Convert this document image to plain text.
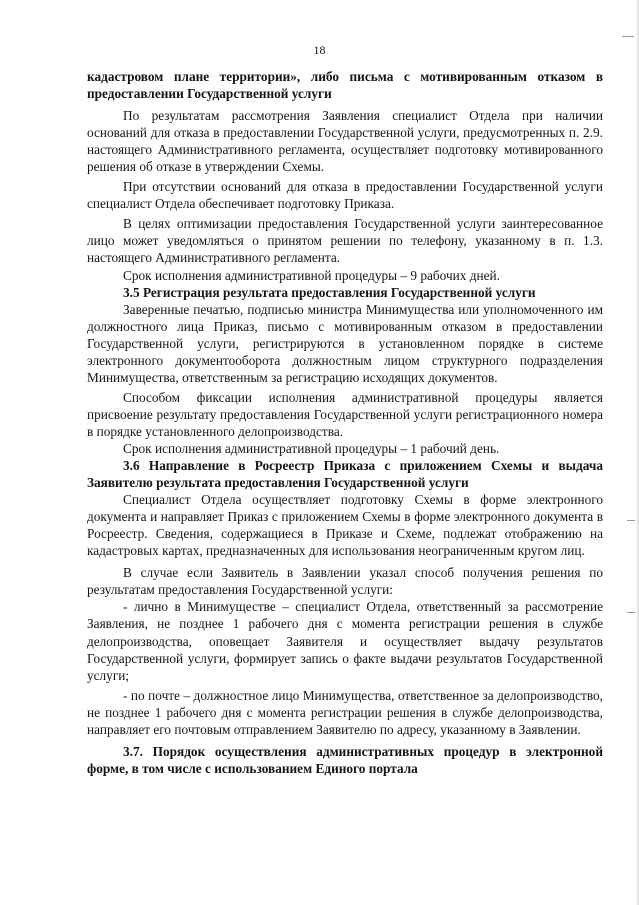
18

кадастровом плане территории», либо письма с мотивированным отказом в предоставлении Государственной услуги

По результатам рассмотрения Заявления специалист Отдела при наличии оснований для отказа в предоставлении Государственной услуги, предусмотренных п. 2.9. настоящего Административного регламента, осуществляет подготовку мотивированного решения об отказе в утверждении Схемы.

При отсутствии оснований для отказа в предоставлении Государственной услуги специалист Отдела обеспечивает подготовку Приказа.

В целях оптимизации предоставления Государственной услуги заинтересованное лицо может уведомляться о принятом решении по телефону, указанному в п. 1.3. настоящего Административного регламента.

Срок исполнения административной процедуры – 9 рабочих дней.

3.5 Регистрация результата предоставления Государственной услуги

Заверенные печатью, подписью министра Минимущества или уполномоченного им должностного лица Приказ, письмо с мотивированным отказом в предоставлении Государственной услуги, регистрируются в установленном порядке в системе электронного документооборота должностным лицом структурного подразделения Минимущества, ответственным за регистрацию исходящих документов.

Способом фиксации исполнения административной процедуры является присвоение результату предоставления Государственной услуги регистрационного номера в порядке установленного делопроизводства.

Срок исполнения административной процедуры – 1 рабочий день.

3.6 Направление в Росреестр Приказа с приложением Схемы и выдача Заявителю результата предоставления Государственной услуги

Специалист Отдела осуществляет подготовку Схемы в форме электронного документа и направляет Приказ с приложением Схемы в форме электронного документа в Росреестр. Сведения, содержащиеся в Приказе и Схеме, подлежат отображению на кадастровых картах, предназначенных для использования неограниченным кругом лиц.

В случае если Заявитель в Заявлении указал способ получения решения по результатам предоставления Государственной услуги:

- лично в Минимуществе – специалист Отдела, ответственный за рассмотрение Заявления, не позднее 1 рабочего дня с момента регистрации решения в службе делопроизводства, оповещает Заявителя и осуществляет выдачу результатов Государственной услуги, формирует запись о факте выдачи результатов Государственной услуги;

- по почте – должностное лицо Минимущества, ответственное за делопроизводство, не позднее 1 рабочего дня с момента регистрации решения в службе делопроизводства, направляет его почтовым отправлением Заявителю по адресу, указанному в Заявлении.

3.7. Порядок осуществления административных процедур в электронной форме, в том числе с использованием Единого портала
